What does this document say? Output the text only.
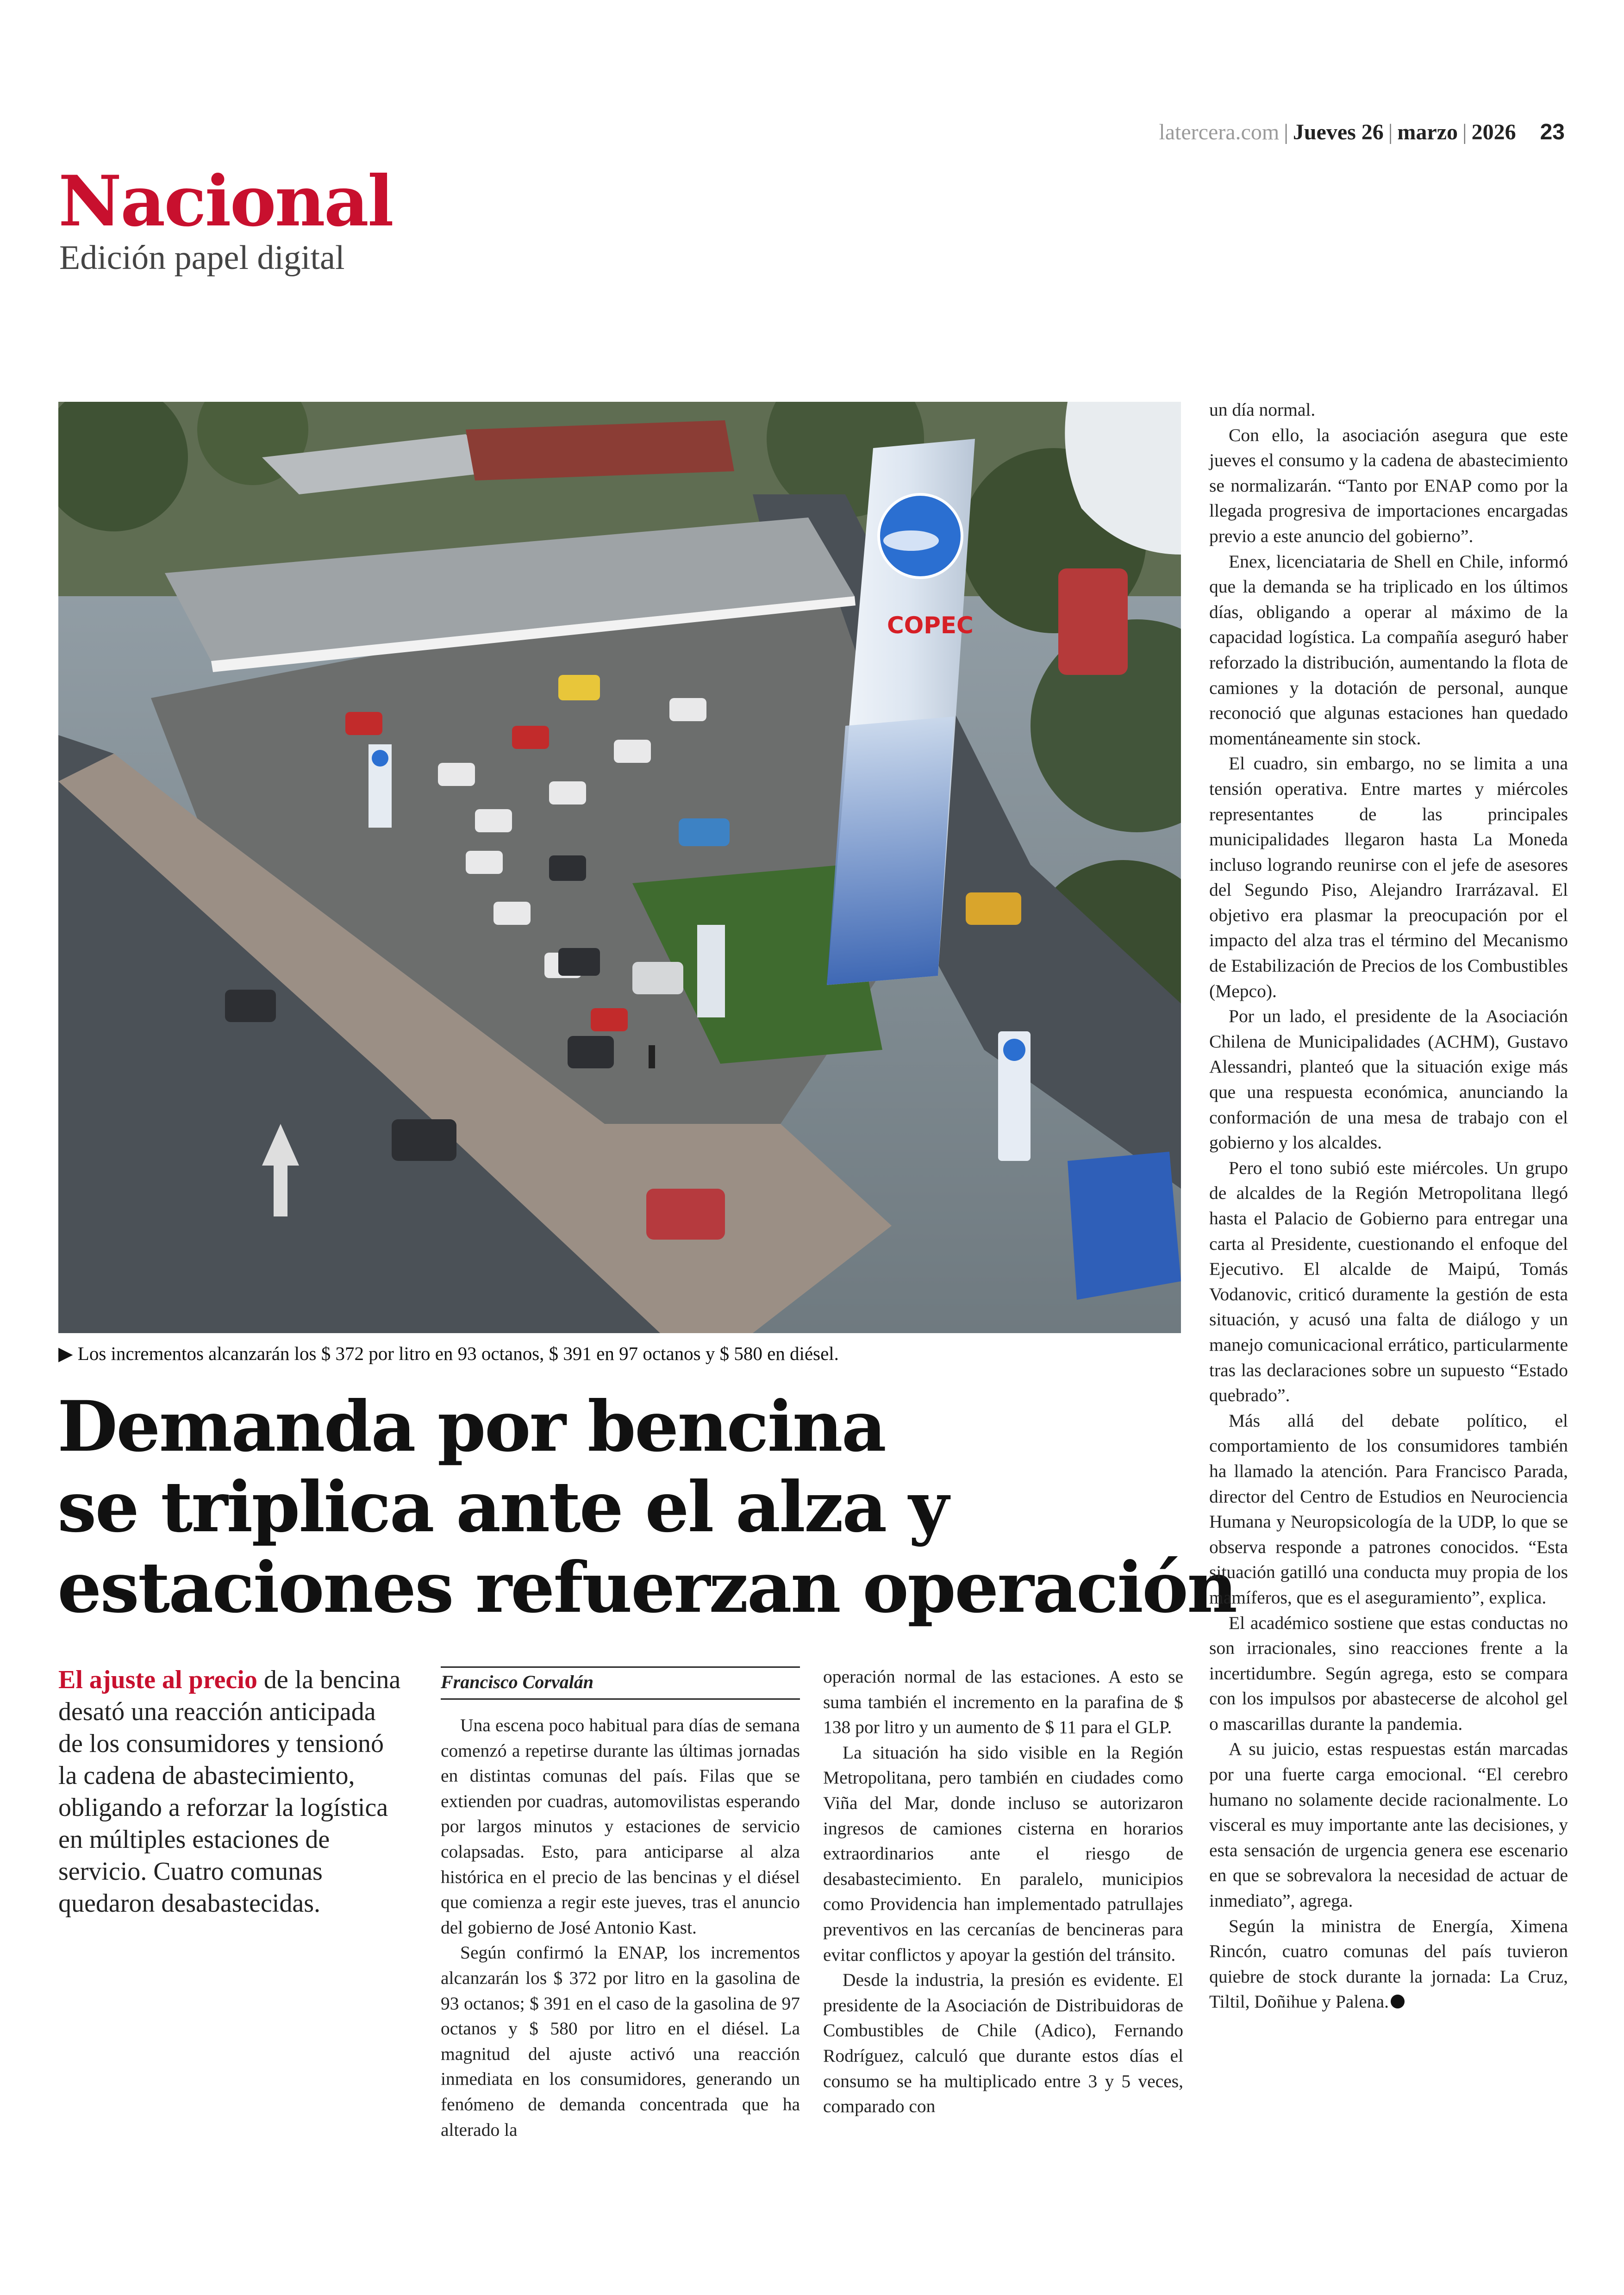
latercera.com | Jueves 26 | marzo | 2026 23
Nacional
Edición papel digital
COPEC
▶ Los incrementos alcanzarán los $ 372 por litro en 93 octanos, $ 391 en 97 octanos y $ 580 en diésel.
Demanda por bencina
se triplica ante el alza y
estaciones refuerzan operación
El ajuste al precio de la bencina desató una reacción anticipada de los consumidores y tensionó la cadena de abastecimiento, obligando a reforzar la logística en múltiples estaciones de servicio. Cuatro comunas quedaron desabastecidas.
Francisco Corvalán

Una escena poco habitual para días de semana comenzó a repetirse durante las últimas jornadas en distintas comunas del país. Filas que se extienden por cuadras, automovilistas esperando por largos minutos y estaciones de servicio colapsadas. Esto, para anticiparse al alza histórica en el precio de las bencinas y el diésel que comienza a regir este jueves, tras el anuncio del gobierno de José Antonio Kast.

Según confirmó la ENAP, los incrementos alcanzarán los $ 372 por litro en la gasolina de 93 octanos; $ 391 en el caso de la gasolina de 97 octanos y $ 580 por litro en el diésel. La magnitud del ajuste activó una reacción inmediata en los consumidores, generando un fenómeno de demanda concentrada que ha alterado la

operación normal de las estaciones. A esto se suma también el incremento en la parafina de $ 138 por litro y un aumento de $ 11 para el GLP.

La situación ha sido visible en la Región Metropolitana, pero también en ciudades como Viña del Mar, donde incluso se autorizaron ingresos de camiones cisterna en horarios extraordinarios ante el riesgo de desabastecimiento. En paralelo, municipios como Providencia han implementado patrullajes preventivos en las cercanías de bencineras para evitar conflictos y apoyar la gestión del tránsito.

Desde la industria, la presión es evidente. El presidente de la Asociación de Distribuidoras de Combustibles de Chile (Adico), Fernando Rodríguez, calculó que durante estos días el consumo se ha multiplicado entre 3 y 5 veces, comparado con

un día normal.

Con ello, la asociación asegura que este jueves el consumo y la cadena de abastecimiento se normalizarán. “Tanto por ENAP como por la llegada progresiva de importaciones encargadas previo a este anuncio del gobierno”.

Enex, licenciataria de Shell en Chile, informó que la demanda se ha triplicado en los últimos días, obligando a operar al máximo de la capacidad logística. La compañía aseguró haber reforzado la distribución, aumentando la flota de camiones y la dotación de personal, aunque reconoció que algunas estaciones han quedado momentáneamente sin stock.

El cuadro, sin embargo, no se limita a una tensión operativa. Entre martes y miércoles representantes de las principales municipalidades llegaron hasta La Moneda incluso logrando reunirse con el jefe de asesores del Segundo Piso, Alejandro Irarrázaval. El objetivo era plasmar la preocupación por el impacto del alza tras el término del Mecanismo de Estabilización de Precios de los Combustibles (Mepco).

Por un lado, el presidente de la Asociación Chilena de Municipalidades (ACHM), Gustavo Alessandri, planteó que la situación exige más que una respuesta económica, anunciando la conformación de una mesa de trabajo con el gobierno y los alcaldes.

Pero el tono subió este miércoles. Un grupo de alcaldes de la Región Metropolitana llegó hasta el Palacio de Gobierno para entregar una carta al Presidente, cuestionando el enfoque del Ejecutivo. El alcalde de Maipú, Tomás Vodanovic, criticó duramente la gestión de esta situación, y acusó una falta de diálogo y un manejo comunicacional errático, particularmente tras las declaraciones sobre un supuesto “Estado quebrado”.

Más allá del debate político, el comportamiento de los consumidores también ha llamado la atención. Para Francisco Parada, director del Centro de Estudios en Neurociencia Humana y Neuropsicología de la UDP, lo que se observa responde a patrones conocidos. “Esta situación gatilló una conducta muy propia de los mamíferos, que es el aseguramiento”, explica.

El académico sostiene que estas conductas no son irracionales, sino reacciones frente a la incertidumbre. Según agrega, esto se compara con los impulsos por abastecerse de alcohol gel o mascarillas durante la pandemia.

A su juicio, estas respuestas están marcadas por una fuerte carga emocional. “El cerebro humano no solamente decide racionalmente. Lo visceral es muy importante ante las decisiones, y esta sensación de urgencia genera ese escenario en que se sobrevalora la necesidad de actuar de inmediato”, agrega.

Según la ministra de Energía, Ximena Rincón, cuatro comunas del país tuvieron quiebre de stock durante la jornada: La Cruz, Tiltil, Doñihue y Palena.
